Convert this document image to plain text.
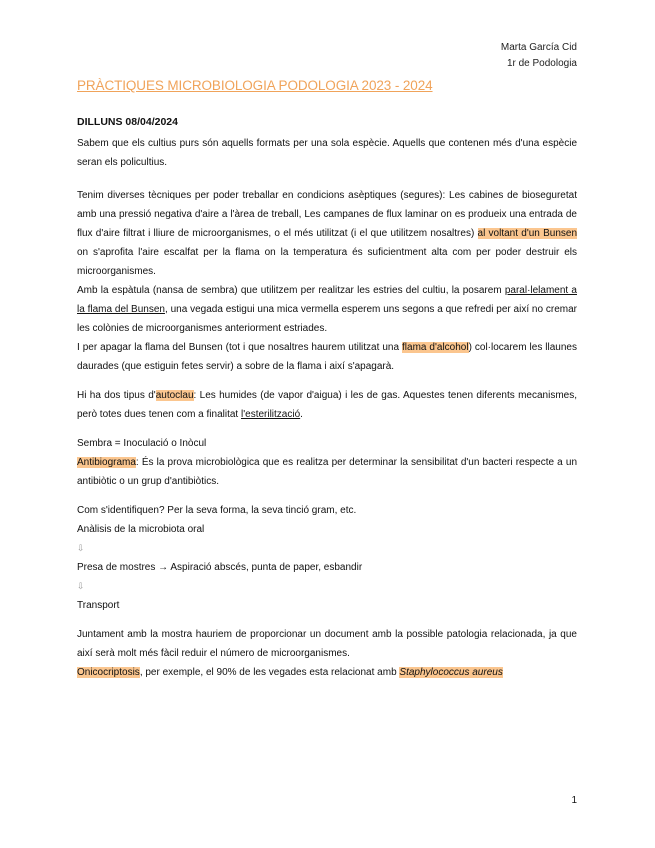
Marta García Cid
1r de Podologia
PRÀCTIQUES MICROBIOLOGIA PODOLOGIA 2023 - 2024
DILLUNS 08/04/2024

Sabem que els cultius purs són aquells formats per una sola espècie. Aquells que contenen més d'una espècie seran els policultius.

Tenim diverses tècniques per poder treballar en condicions asèptiques (segures): Les cabines de bioseguretat amb una pressió negativa d'aire a l'àrea de treball, Les campanes de flux laminar on es produeix una entrada de flux d'aire filtrat i lliure de microorganismes, o el més utilitzat (i el que utilitzem nosaltres) al voltant d'un Bunsen on s'aprofita l'aire escalfat per la flama on la temperatura és suficientment alta com per poder destruir els microorganismes.

Amb la espàtula (nansa de sembra) que utilitzem per realitzar les estries del cultiu, la posarem paral·lelament a la flama del Bunsen, una vegada estigui una mica vermella esperem uns segons a que refredi per així no cremar les colònies de microorganismes anteriorment estriades.

I per apagar la flama del Bunsen (tot i que nosaltres haurem utilitzat una flama d'alcohol) col·locarem les llaunes daurades (que estiguin fetes servir) a sobre de la flama i així s'apagarà.

Hi ha dos tipus d'autoclau: Les humides (de vapor d'aigua) i les de gas. Aquestes tenen diferents mecanismes, però totes dues tenen com a finalitat l'esterilització.

Sembra = Inoculació o Inòcul

Antibiograma: És la prova microbiològica que es realitza per determinar la sensibilitat d'un bacteri respecte a un antibiòtic o un grup d'antibiòtics.

Com s'identifiquen? Per la seva forma, la seva tinció gram, etc.

Anàlisis de la microbiota oral

⇩

Presa de mostres → Aspiració abscés, punta de paper, esbandir

⇩

Transport

Juntament amb la mostra hauriem de proporcionar un document amb la possible patologia relacionada, ja que així serà molt més fàcil reduir el número de microorganismes.

Onicocriptosis, per exemple, el 90% de les vegades esta relacionat amb Staphylococcus aureus

1
